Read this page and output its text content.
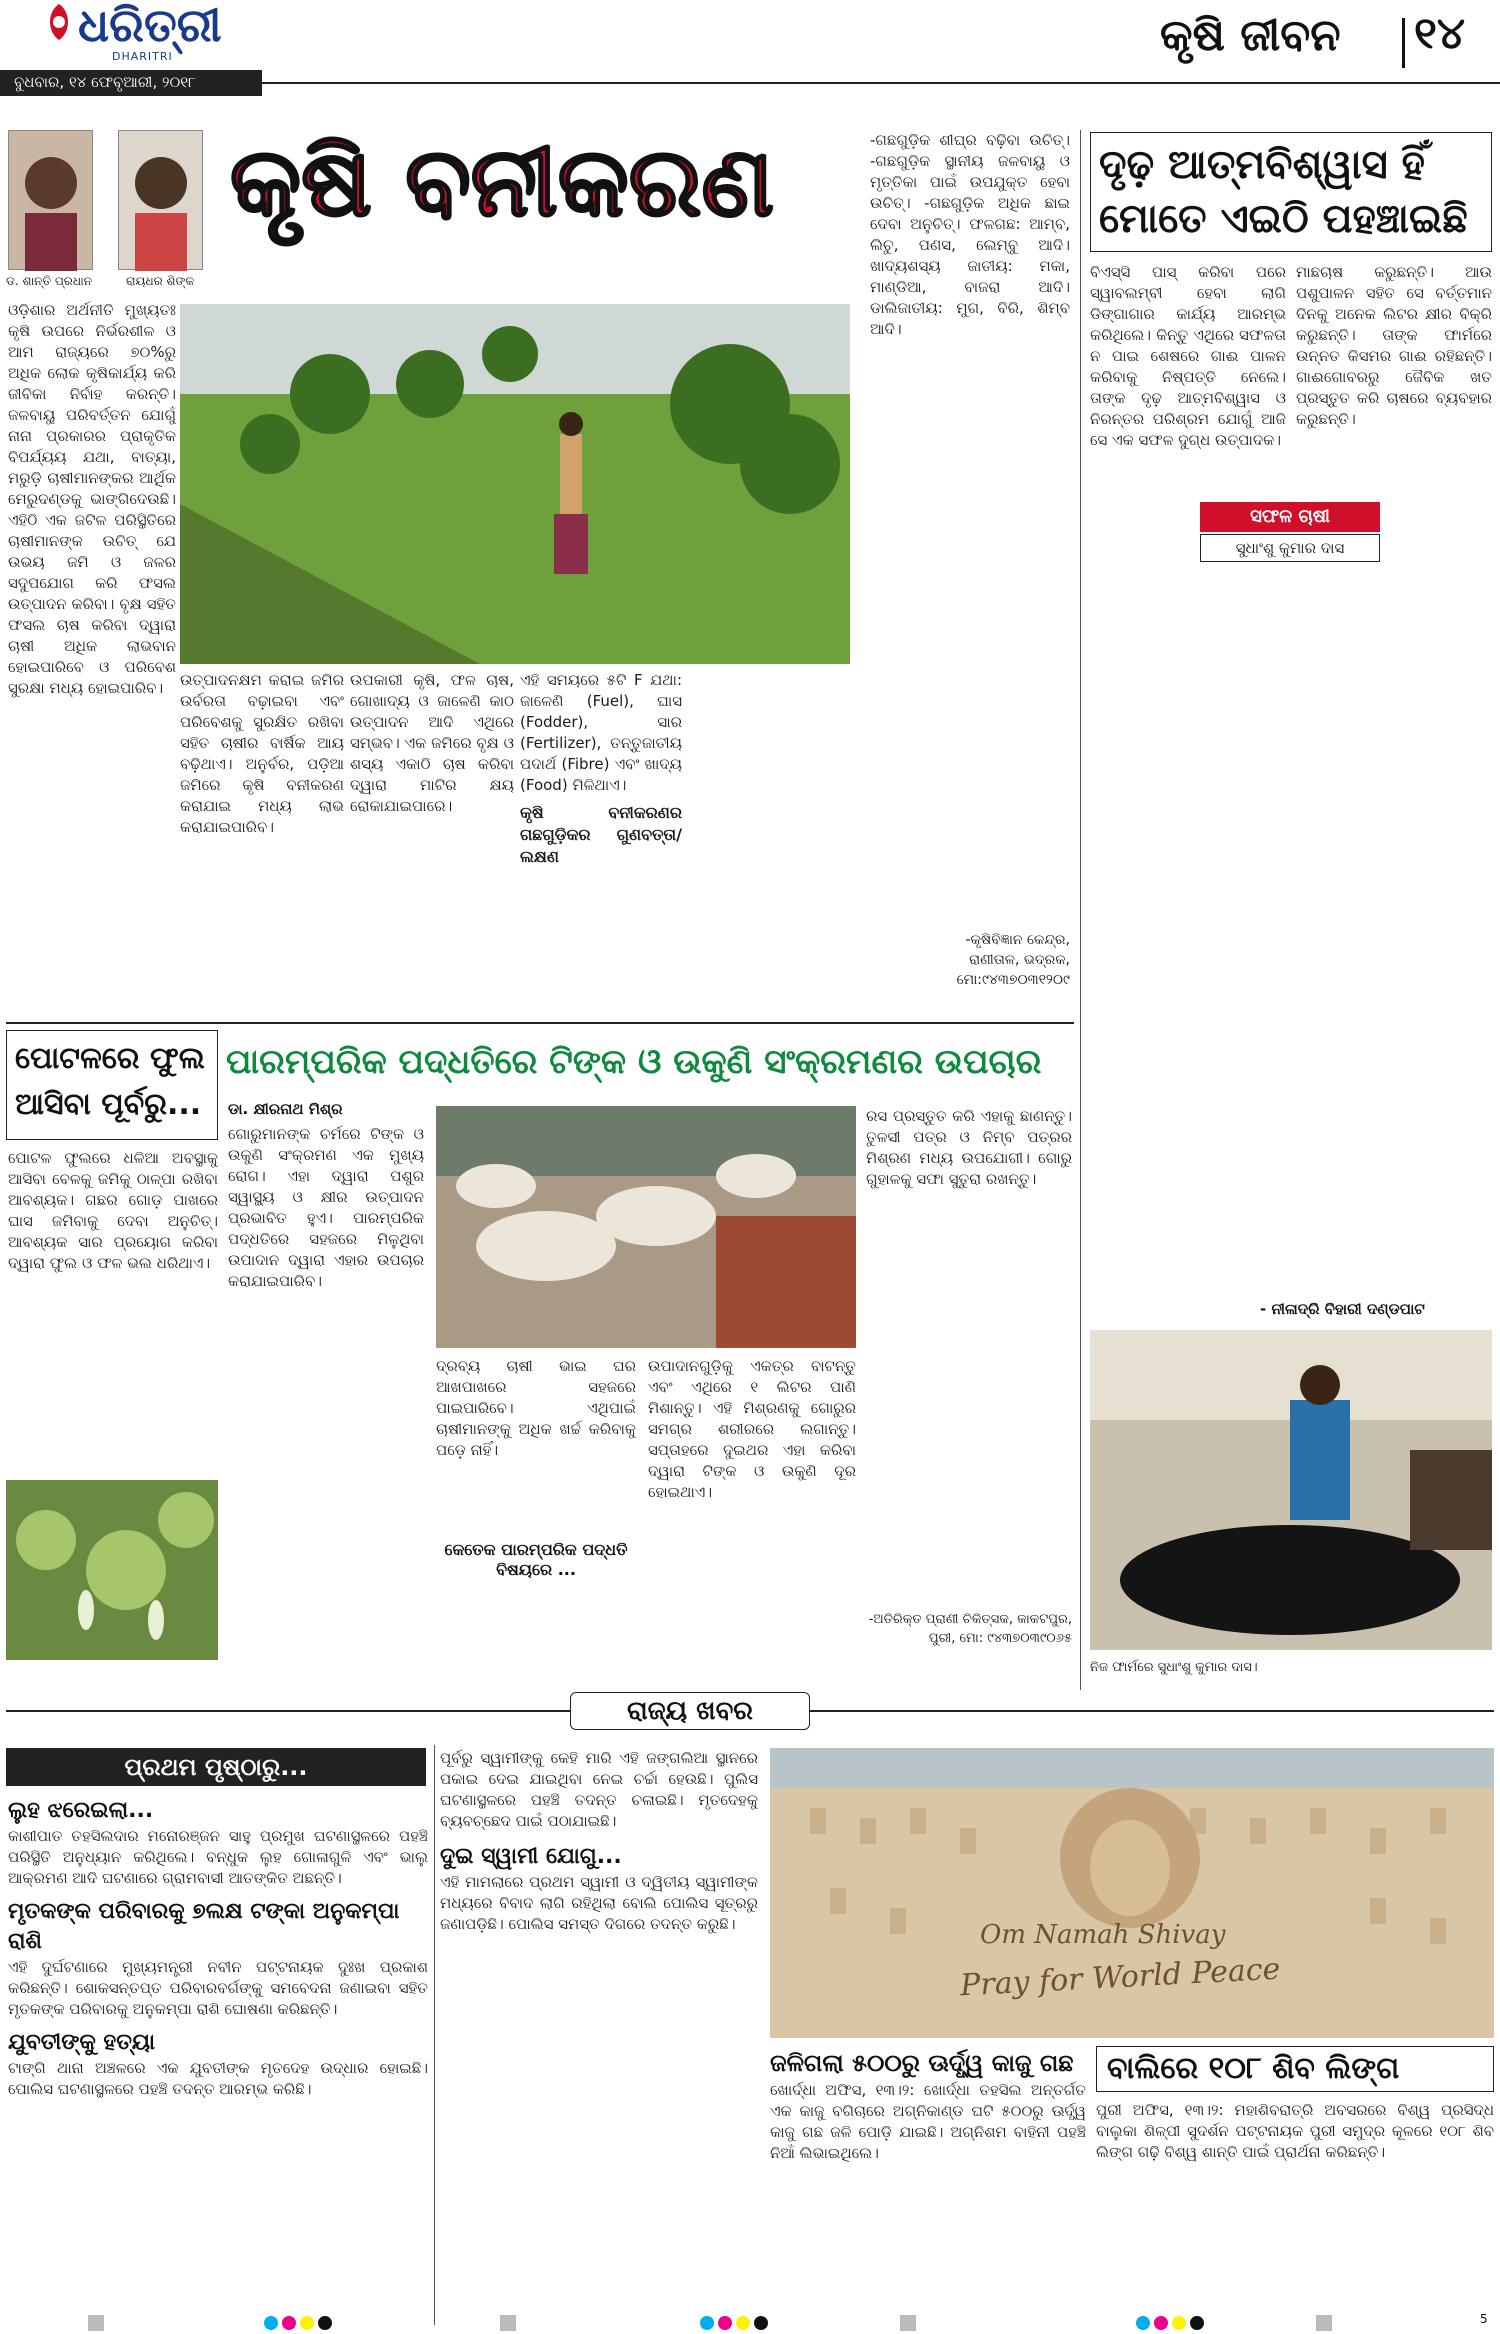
ଧରିତ୍ରୀ
DHARITRI
ବୁଧବାର, ୧୪ ଫେବୃଆରୀ, ୨୦୧୮
କୃଷି ଜୀବନ ୧୪
ଡ. ଶାନ୍ତି ପ୍ରଧାନ	ରାୟଧର ଶିଙ୍କ
କୃଷି ବନୀକରଣ

ଓଡ଼ିଶାର ଅର୍ଥନୀତି ମୁଖ୍ୟତଃ କୃଷି ଉପରେ ନିର୍ଭରଶୀଳ ଓ ଆମ ରାଜ୍ୟରେ ୭୦%ରୁ ଅଧିକ ଲୋକ କୃଷିକାର୍ଯ୍ୟ କରି ଜୀବିକା ନିର୍ବାହ କରନ୍ତି। ଜଳବାୟୁ ପରିବର୍ତ୍ତନ ଯୋଗୁଁ ନାନା ପ୍ରକାରର ପ୍ରାକୃତିକ ବିପର୍ଯ୍ୟୟ ଯଥା, ବାତ୍ୟା, ମରୁଡ଼ି ଚାଷୀମାନଙ୍କର ଆର୍ଥିକ ମେରୁଦଣ୍ଡକୁ ଭାଙ୍ଗିଦେଉଛି। ଏହିଠି ଏକ ଜଟିଳ ପରିସ୍ଥିତିରେ ଚାଷୀମାନଙ୍କ ଉଚିତ୍ ଯେ ଉଭୟ ଜମି ଓ ଜଳର ସଦୁପଯୋଗ କରି ଫସଲ ଉତ୍ପାଦନ କରିବା। ବୃକ୍ଷ ସହିତ ଫସଲ ଚାଷ କରିବା ଦ୍ୱାରା ଚାଷୀ ଅଧିକ ଲାଭବାନ ହୋଇପାରିବେ ଓ ପରିବେଶ ସୁରକ୍ଷା ମଧ୍ୟ ହୋଇପାରିବ।	ଉତ୍ପାଦନକ୍ଷମ କରାଇ ଜମିର ଉର୍ବରତା ବଢ଼ାଇବା ଏବଂ ପରିବେଶକୁ ସୁରକ୍ଷିତ ରଖିବା ସହିତ ଚାଷୀର ବାର୍ଷିକ ଆୟ ବଢ଼ିଥାଏ। ଅନୁର୍ବର, ପଡ଼ିଆ ଜମିରେ କୃଷି ବନୀକରଣ କରାଯାଇ ମଧ୍ୟ ଲାଭ କରାଯାଇପାରିବ।

ଉପକାରୀ କୃଷି, ଫଳ ଚାଷ, ଗୋଖାଦ୍ୟ ଓ ଜାଳେଣି କାଠ ଉତ୍ପାଦନ ଆଦି ଏଥିରେ ସମ୍ଭବ। ଏକ ଜମିରେ ବୃକ୍ଷ ଓ ଶସ୍ୟ ଏକାଠି ଚାଷ କରିବା ଦ୍ୱାରା ମାଟିର କ୍ଷୟ ରୋକାଯାଇପାରେ।

ଏହି ସମୟରେ ୫ଟି F ଯଥା: ଜାଳେଣି (Fuel), ଘାସ (Fodder), ସାର (Fertilizer), ତନ୍ତୁଜାତୀୟ ପଦାର୍ଥ (Fibre) ଏବଂ ଖାଦ୍ୟ (Food) ମିଳିଥାଏ।

କୃଷି ବନୀକରଣର ଗଛଗୁଡ଼ିକର ଗୁଣବତ୍ତା/ଲକ୍ଷଣ

-ଗଛଗୁଡ଼ିକ ଶୀଘ୍ର ବଢ଼ିବା ଉଚିତ୍। -ଗଛଗୁଡ଼ିକ ସ୍ଥାନୀୟ ଜଳବାୟୁ ଓ ମୃତ୍ତିକା ପାଇଁ ଉପଯୁକ୍ତ ହେବା ଉଚିତ୍। -ଗଛଗୁଡ଼ିକ ଅଧିକ ଛାଇ ଦେବା ଅନୁଚିତ୍। ଫଳଗଛ: ଆମ୍ବ, ଲିଚୁ, ପଣସ, ଲେମ୍ବୁ ଆଦି। ଖାଦ୍ୟଶସ୍ୟ ଜାତୀୟ: ମକା, ମାଣ୍ଡିଆ, ବାଜରା ଆଦି। ଡାଲିଜାତୀୟ: ମୁଗ, ବିରି, ଶିମ୍ବ ଆଦି।

-କୃଷିବିଜ୍ଞାନ କେନ୍ଦ୍ର,
ରାଣୀତାଳ, ଭଦ୍ରକ,
ମୋ:୯୪୩୭୦୩୧୨୦୯
ଦୃଢ଼ ଆତ୍ମବିଶ୍ୱାସ ହିଁ
ମୋତେ ଏଇଠି ପହଞ୍ଚାଇଛି

ବିଏସ୍‌ସି ପାସ୍ କରିବା ପରେ ସ୍ୱାବଲମ୍ବୀ ହେବା ଲାଗି ଡିଙ୍ଗାଗାର କାର୍ଯ୍ୟ ଆରମ୍ଭ କରିଥିଲେ। କିନ୍ତୁ ଏଥିରେ ସଫଳତା ନ ପାଇ ଶେଷରେ ଗାଈ ପାଳନ କରିବାକୁ ନିଷ୍ପତ୍ତି ନେଲେ। ତାଙ୍କ ଦୃଢ଼ ଆତ୍ମବିଶ୍ୱାସ ଓ ନିରନ୍ତର ପରିଶ୍ରମ ଯୋଗୁଁ ଆଜି ସେ ଏକ ସଫଳ ଦୁଗ୍ଧ ଉତ୍ପାଦକ।

ମାଛଚାଷ କରୁଛନ୍ତି। ଆଉ ପଶୁପାଳନ ସହିତ ସେ ବର୍ତ୍ତମାନ ଦିନକୁ ଅନେକ ଲିଟର କ୍ଷୀର ବିକ୍ରି କରୁଛନ୍ତି। ତାଙ୍କ ଫାର୍ମରେ ଉନ୍ନତ କିସମର ଗାଈ ରହିଛନ୍ତି। ଗାଈଗୋବରରୁ ଜୈବିକ ଖତ ପ୍ରସ୍ତୁତ କରି ଚାଷରେ ବ୍ୟବହାର କରୁଛନ୍ତି।

ସଫଳ ଚାଷୀ
ସୁଧାଂଶୁ କୁମାର ଦାସ
- ନୀଳାଦ୍ରି ବିହାରୀ ଦଣ୍ଡପାଟ
ନିଜ ଫାର୍ମରେ ସୁଧାଂଶୁ କୁମାର ଦାସ।
ପୋଟଳରେ ଫୁଲ
ଆସିବା ପୂର୍ବରୁ...

ପୋଟଳ ଫୁଲରେ ଧଳିଆ ଅବସ୍ଥାକୁ ଆସିବା ବେଳକୁ ଜମିକୁ ଠାଳ୍ପା ରଖିବା ଆବଶ୍ୟକ। ଗଛର ଗୋଡ଼ ପାଖରେ ଘାସ ଜମିବାକୁ ଦେବା ଅନୁଚିତ୍। ଆବଶ୍ୟକ ସାର ପ୍ରୟୋଗ କରିବା ଦ୍ୱାରା ଫୁଲ ଓ ଫଳ ଭଲ ଧରିଥାଏ।

ପାରମ୍ପରିକ ପଦ୍ଧତିରେ ଟିଙ୍କ ଓ ଉକୁଣି ସଂକ୍ରମଣର ଉପଚାର
ଡା. କ୍ଷୀରନାଥ ମିଶ୍ର

ଗୋରୁମାନଙ୍କ ଚର୍ମରେ ଟିଙ୍କ ଓ ଉକୁଣି ସଂକ୍ରମଣ ଏକ ମୁଖ୍ୟ ରୋଗ। ଏହା ଦ୍ୱାରା ପଶୁର ସ୍ୱାସ୍ଥ୍ୟ ଓ କ୍ଷୀର ଉତ୍ପାଦନ ପ୍ରଭାବିତ ହୁଏ। ପାରମ୍ପରିକ ପଦ୍ଧତିରେ ସହଜରେ ମିଳୁଥିବା ଉପାଦାନ ଦ୍ୱାରା ଏହାର ଉପଚାର କରାଯାଇପାରିବ।

ଦ୍ରବ୍ୟ ଚାଷୀ ଭାଇ ଘର ଆଖପାଖରେ ସହଜରେ ପାଇପାରିବେ। ଏଥିପାଇଁ ଚାଷୀମାନଙ୍କୁ ଅଧିକ ଖର୍ଚ୍ଚ କରିବାକୁ ପଡ଼େ ନାହିଁ।

କେତେକ ପାରମ୍ପରିକ ପଦ୍ଧତି ବିଷୟରେ ...

ଉପାଦାନଗୁଡ଼ିକୁ ଏକତ୍ର ବାଟନ୍ତୁ ଏବଂ ଏଥିରେ ୧ ଲିଟର ପାଣି ମିଶାନ୍ତୁ। ଏହି ମିଶ୍ରଣକୁ ଗୋରୁର ସମଗ୍ର ଶରୀରରେ ଲଗାନ୍ତୁ। ସପ୍ତାହରେ ଦୁଇଥର ଏହା କରିବା ଦ୍ୱାରା ଟିଙ୍କ ଓ ଉକୁଣି ଦୂର ହୋଇଥାଏ।

ରସ ପ୍ରସ୍ତୁତ କରି ଏହାକୁ ଛାଣନ୍ତୁ। ତୁଳସୀ ପତ୍ର ଓ ନିମ୍ବ ପତ୍ରର ମିଶ୍ରଣ ମଧ୍ୟ ଉପଯୋଗୀ। ଗୋରୁ ଗୁହାଳକୁ ସଫା ସୁତୁରା ରଖନ୍ତୁ।

-ଅତିରିକ୍ତ ପ୍ରାଣୀ ଚିକିତ୍ସକ, କାକଟପୁର, ପୁରୀ, ମୋ: ୯୪୩୭୦୩୯୦୬୫
ରାଜ୍ୟ ଖବର
ପ୍ରଥମ ପୃଷ୍ଠାରୁ...
ଲୁହ ଝରେଇଲା...

କାଶୀପାତ ତହସିଲଦାର ମନୋରଞ୍ଜନ ସାହୁ ପ୍ରମୁଖ ଘଟଣାସ୍ଥଳରେ ପହଞ୍ଚି ପରିସ୍ଥିତି ଅନୁଧ୍ୟାନ କରିଥିଲେ। ବନ୍ଧୁକ ଲୁହ ଗୋଳାଗୁଳି ଏବଂ ଭାଲୁ ଆକ୍ରମଣ ଆଦି ଘଟଣାରେ ଗ୍ରାମବାସୀ ଆତଙ୍କିତ ଅଛନ୍ତି।

ମୃତକଙ୍କ ପରିବାରକୁ ୭ଲକ୍ଷ ଟଙ୍କା ଅନୁକମ୍ପା ରାଶି

ଏହି ଦୁର୍ଘଟଣାରେ ମୁଖ୍ୟମନ୍ତ୍ରୀ ନବୀନ ପଟ୍ଟନାୟକ ଦୁଃଖ ପ୍ରକାଶ କରିଛନ୍ତି। ଶୋକସନ୍ତପ୍ତ ପରିବାରବର୍ଗଙ୍କୁ ସମବେଦନା ଜଣାଇବା ସହିତ ମୃତକଙ୍କ ପରିବାରକୁ ଅନୁକମ୍ପା ରାଶି ଘୋଷଣା କରିଛନ୍ତି।

ଯୁବତୀଙ୍କୁ ହତ୍ୟା

ଟାଙ୍ଗି ଥାନା ଅଞ୍ଚଳରେ ଏକ ଯୁବତୀଙ୍କ ମୃତଦେହ ଉଦ୍ଧାର ହୋଇଛି। ପୋଲିସ ଘଟଣାସ୍ଥଳରେ ପହଞ୍ଚି ତଦନ୍ତ ଆରମ୍ଭ କରିଛି।

ପୂର୍ବରୁ ସ୍ୱାମୀଙ୍କୁ କେହି ମାରି ଏହି ଜଙ୍ଗଲିଆ ସ୍ଥାନରେ ପକାଇ ଦେଇ ଯାଇଥିବା ନେଇ ଚର୍ଚ୍ଚା ହେଉଛି। ପୁଲିସ ଘଟଣାସ୍ଥଳରେ ପହଞ୍ଚି ତଦନ୍ତ ଚଳାଇଛି। ମୃତଦେହକୁ ବ୍ୟବଚ୍ଛେଦ ପାଇଁ ପଠାଯାଇଛି।

ଦୁଇ ସ୍ୱାମୀ ଯୋଗୁ...

ଏହି ମାମଲାରେ ପ୍ରଥମ ସ୍ୱାମୀ ଓ ଦ୍ୱିତୀୟ ସ୍ୱାମୀଙ୍କ ମଧ୍ୟରେ ବିବାଦ ଲାଗି ରହିଥିଲା ବୋଲି ପୋଲିସ ସୂତ୍ରରୁ ଜଣାପଡ଼ିଛି। ପୋଲିସ ସମସ୍ତ ଦିଗରେ ତଦନ୍ତ କରୁଛି।	Om Namah Shivay
Pray for World Peace
ଜଳିଗଲା ୫୦୦ରୁ ଊର୍ଦ୍ଧ୍ୱ କାଜୁ ଗଛ

ଖୋର୍ଦ୍ଧା ଅଫିସ, ୧୩।୨: ଖୋର୍ଦ୍ଧା ତହସିଲ ଅନ୍ତର୍ଗତ ଏକ କାଜୁ ବଗିଚାରେ ଅଗ୍ନିକାଣ୍ଡ ଘଟି ୫୦୦ରୁ ଊର୍ଦ୍ଧ୍ୱ କାଜୁ ଗଛ ଜଳି ପୋଡ଼ି ଯାଇଛି। ଅଗ୍ନିଶମ ବାହିନୀ ପହଞ୍ଚି ନିଆଁ ଲିଭାଇଥିଲେ।

ବାଲିରେ ୧୦୮ ଶିବ ଲିଙ୍ଗ

ପୁରୀ ଅଫିସ, ୧୩।୨: ମହାଶିବରାତ୍ରି ଅବସରରେ ବିଶ୍ୱ ପ୍ରସିଦ୍ଧ ବାଲୁକା ଶିଳ୍ପୀ ସୁଦର୍ଶନ ପଟ୍ଟନାୟକ ପୁରୀ ସମୁଦ୍ର କୂଳରେ ୧୦୮ ଶିବ ଲିଙ୍ଗ ଗଢ଼ି ବିଶ୍ୱ ଶାନ୍ତି ପାଇଁ ପ୍ରାର୍ଥନା କରିଛନ୍ତି।

5
